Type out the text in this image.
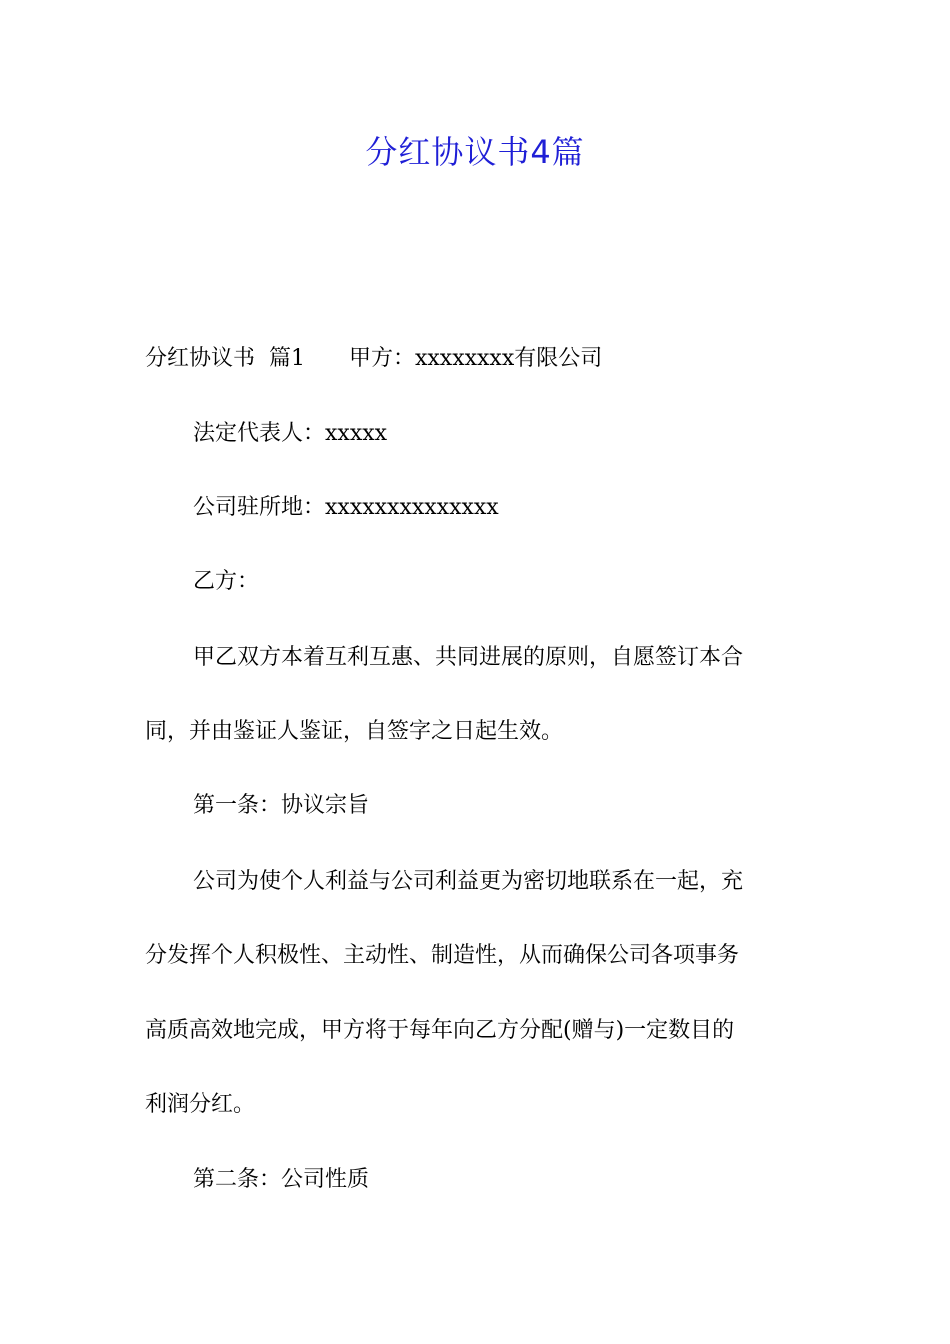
分红协议书4篇
分红协议书  篇1 甲方：xxxxxxxx有限公司
法定代表人：xxxxx
公司驻所地：xxxxxxxxxxxxxx
乙方：
甲乙双方本着互利互惠、共同进展的原则，自愿签订本合
同，并由鉴证人鉴证，自签字之日起生效。
第一条：协议宗旨
公司为使个人利益与公司利益更为密切地联系在一起，充
分发挥个人积极性、主动性、制造性，从而确保公司各项事务
高质高效地完成，甲方将于每年向乙方分配(赠与)一定数目的
利润分红。
第二条：公司性质
